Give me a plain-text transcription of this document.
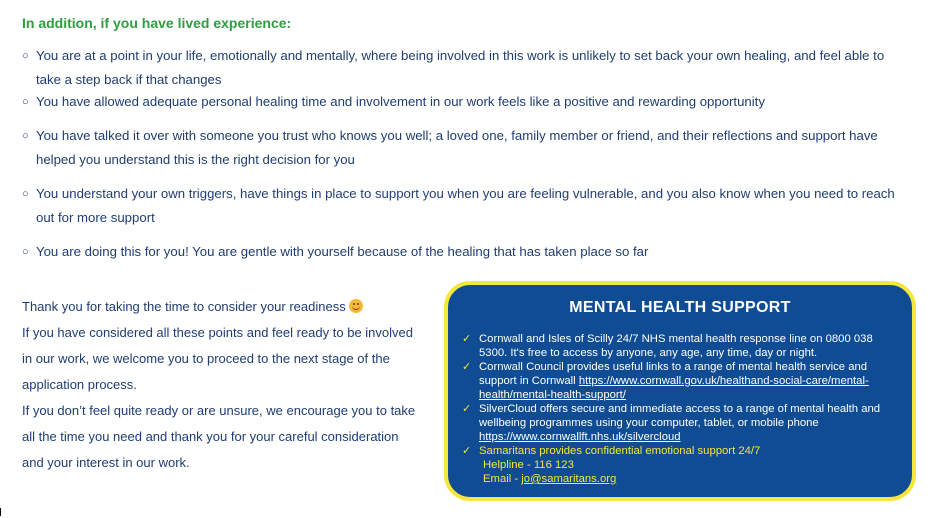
In addition, if you have lived experience:
○ You are at a point in your life, emotionally and mentally, where being involved in this work is unlikely to set back your own healing, and feel able to take a step back if that changes
○ You have allowed adequate personal healing time and involvement in our work feels like a positive and rewarding opportunity
○ You have talked it over with someone you trust who knows you well; a loved one, family member or friend, and their reflections and support have helped you understand this is the right decision for you
○ You understand your own triggers, have things in place to support you when you are feeling vulnerable, and you also know when you need to reach out for more support
○ You are doing this for you! You are gentle with yourself because of the healing that has taken place so far

Thank you for taking the time to consider your readiness

If you have considered all these points and feel ready to be involved in our work, we welcome you to proceed to the next stage of the application process.

If you don’t feel quite ready or are unsure, we encourage you to take all the time you need and thank you for your careful consideration and your interest in our work.

MENTAL HEALTH SUPPORT
✓ Cornwall and Isles of Scilly 24/7 NHS mental health response line on 0800 038 5300. It's free to access by anyone, any age, any time, day or night.
✓ Cornwall Council provides useful links to a range of mental health service and support in Cornwall https://www.cornwall.gov.uk/healthand-social-care/mental-health/mental-health-support/
✓ SilverCloud offers secure and immediate access to a range of mental health and wellbeing programmes using your computer, tablet, or mobile phone https://www.cornwallft.nhs.uk/silvercloud
✓ Samaritans provides confidential emotional support 24/7
Helpline - 116 123
Email - jo@samaritans.org
